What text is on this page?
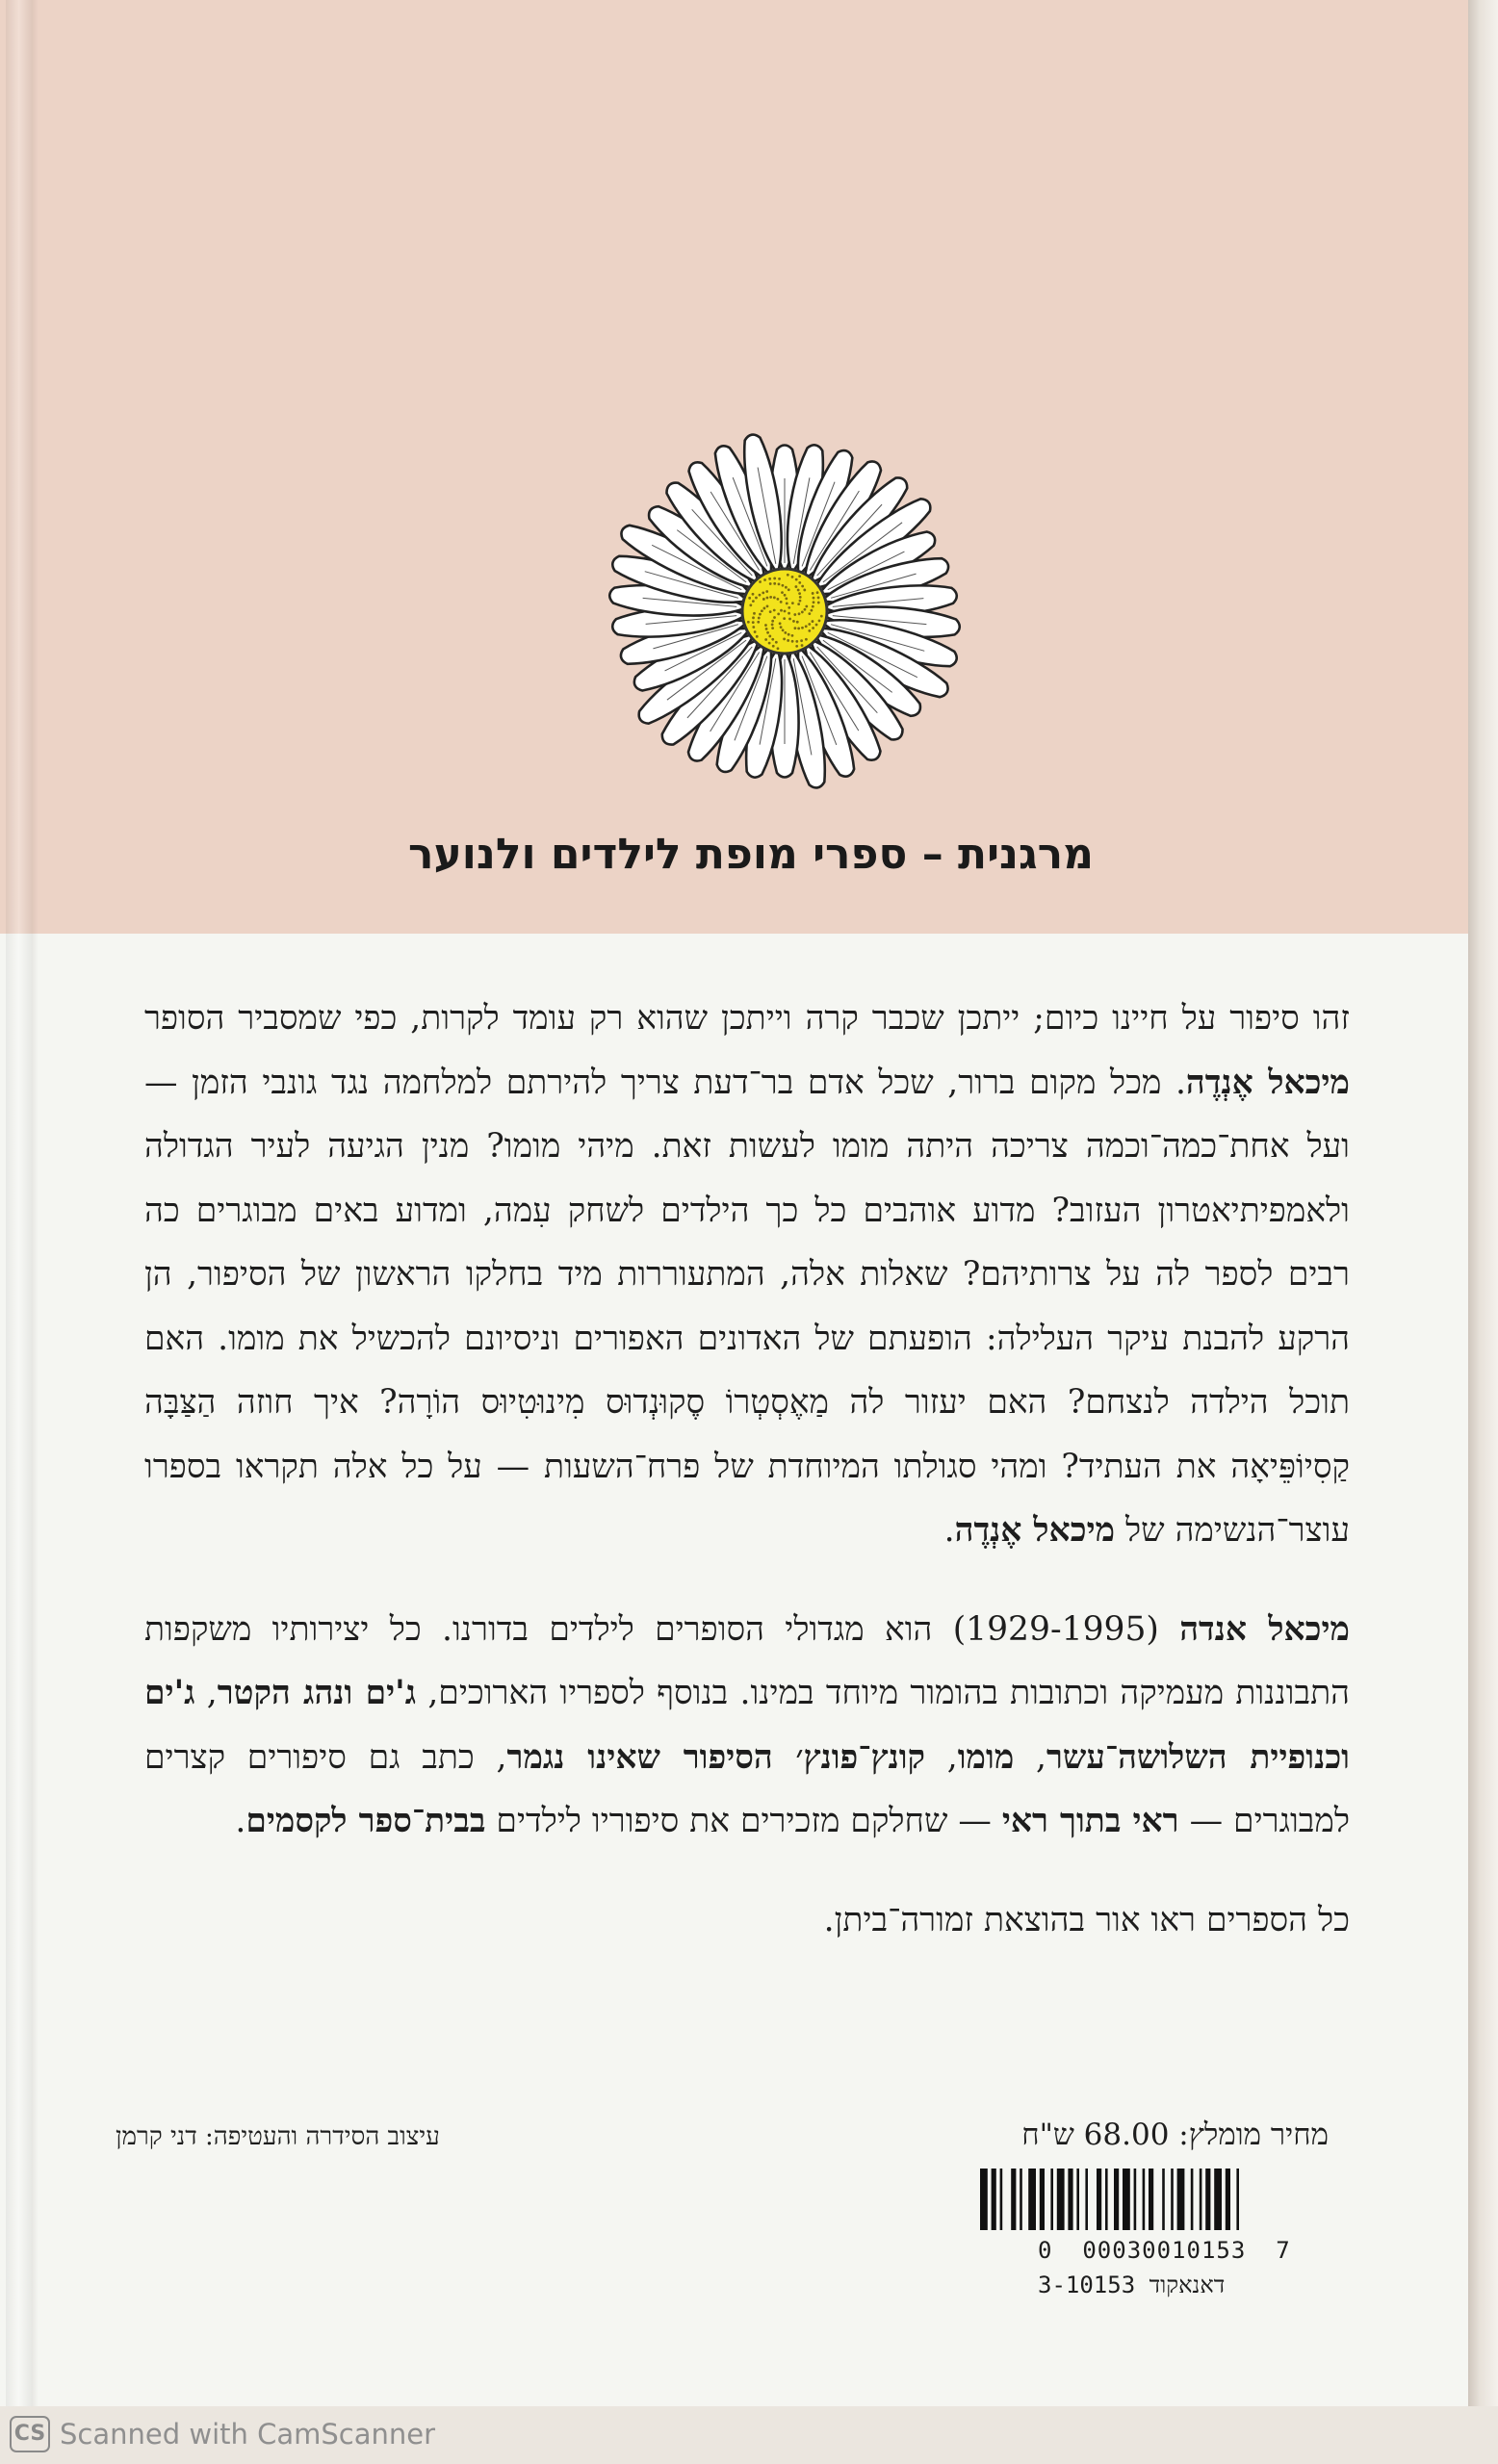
מרגנית – ספרי מופת לילדים ולנוער

זהו סיפור על חיינו כיום; ייתכן שכבר קרה וייתכן שהוא רק עומד לקרות, כפי שמסביר הסופר מיכאל אֶנְדֶה. מכל מקום ברור, שכל אדם בר־דעת צריך להירתם למלחמה נגד גונבי הזמן — ועל אחת־כמה־וכמה צריכה היתה מומו לעשות זאת. מיהי מומו? מנין הגיעה לעיר הגדולה ולאמפיתיאטרון העזוב? מדוע אוהבים כל כך הילדים לשחק עִמה, ומדוע באים מבוגרים כה רבים לספר לה על צרותיהם? שאלות אלה, המתעוררות מיד בחלקו הראשון של הסיפור, הן הרקע להבנת עיקר העלילה: הופעתם של האדונים האפורים וניסיונם להכשיל את מומו. האם תוכל הילדה לנצחם? האם יעזור לה מַאֶסְטְרוֹ סֶקוּנְדוּס מִינוּטִיוּס הוֹרָה? איך חוזה הַצַּבָּה קַסִיוֹפֵּיאָה את העתיד? ומהי סגולתו המיוחדת של פרח־השעות — על כל אלה תקראו בספרו עוצר־הנשימה של מיכאל אֶנְדֶה.

מיכאל אנדה (1929-1995) הוא מגדולי הסופרים לילדים בדורנו. כל יצירותיו משקפות התבוננות מעמיקה וכתובות בהומור מיוחד במינו. בנוסף לספריו הארוכים, ג'ים ונהג הקטר, ג'ים וכנופיית השלושה־עשר, מומו, קונץ־פונץ׳ הסיפור שאינו נגמר, כתב גם סיפורים קצרים למבוגרים — ראי בתוך ראי — שחלקם מזכירים את סיפוריו לילדים בבית־ספר לקסמים.

כל הספרים ראו אור בהוצאת זמורה־ביתן.

מחיר מומלץ: 68.00 ש"ח
עיצוב הסידרה והעטיפה: דני קרמן
0  00030010153  7
דאנאקוד 3-10153
CS Scanned with CamScanner
